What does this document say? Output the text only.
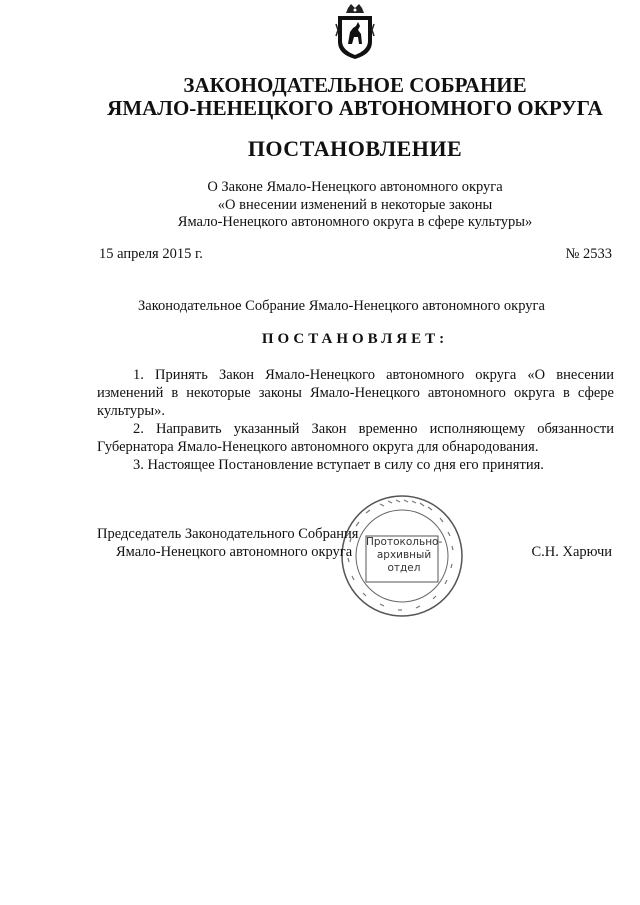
ЗАКОНОДАТЕЛЬНОЕ СОБРАНИЕ
ЯМАЛО-НЕНЕЦКОГО АВТОНОМНОГО ОКРУГА
ПОСТАНОВЛЕНИЕ
О Законе Ямало-Ненецкого автономного округа
«О внесении изменений в некоторые законы
Ямало-Ненецкого автономного округа в сфере культуры»
15 апреля 2015 г.	№ 2533
Законодательное Собрание Ямало-Ненецкого автономного округа
ПОСТАНОВЛЯЕТ:

1. Принять Закон Ямало-Ненецкого автономного округа «О внесении изменений в некоторые законы Ямало-Ненецкого автономного округа в сфере культуры».

2. Направить указанный Закон временно исполняющему обязанности Губернатора Ямало-Ненецкого автономного округа для обнародования.

3. Настоящее Постановление вступает в силу со дня его принятия.

Протокольно-
архивный
отдел
Председатель Законодательного Собрания
Ямало-Ненецкого автономного округа	С.Н. Харючи
